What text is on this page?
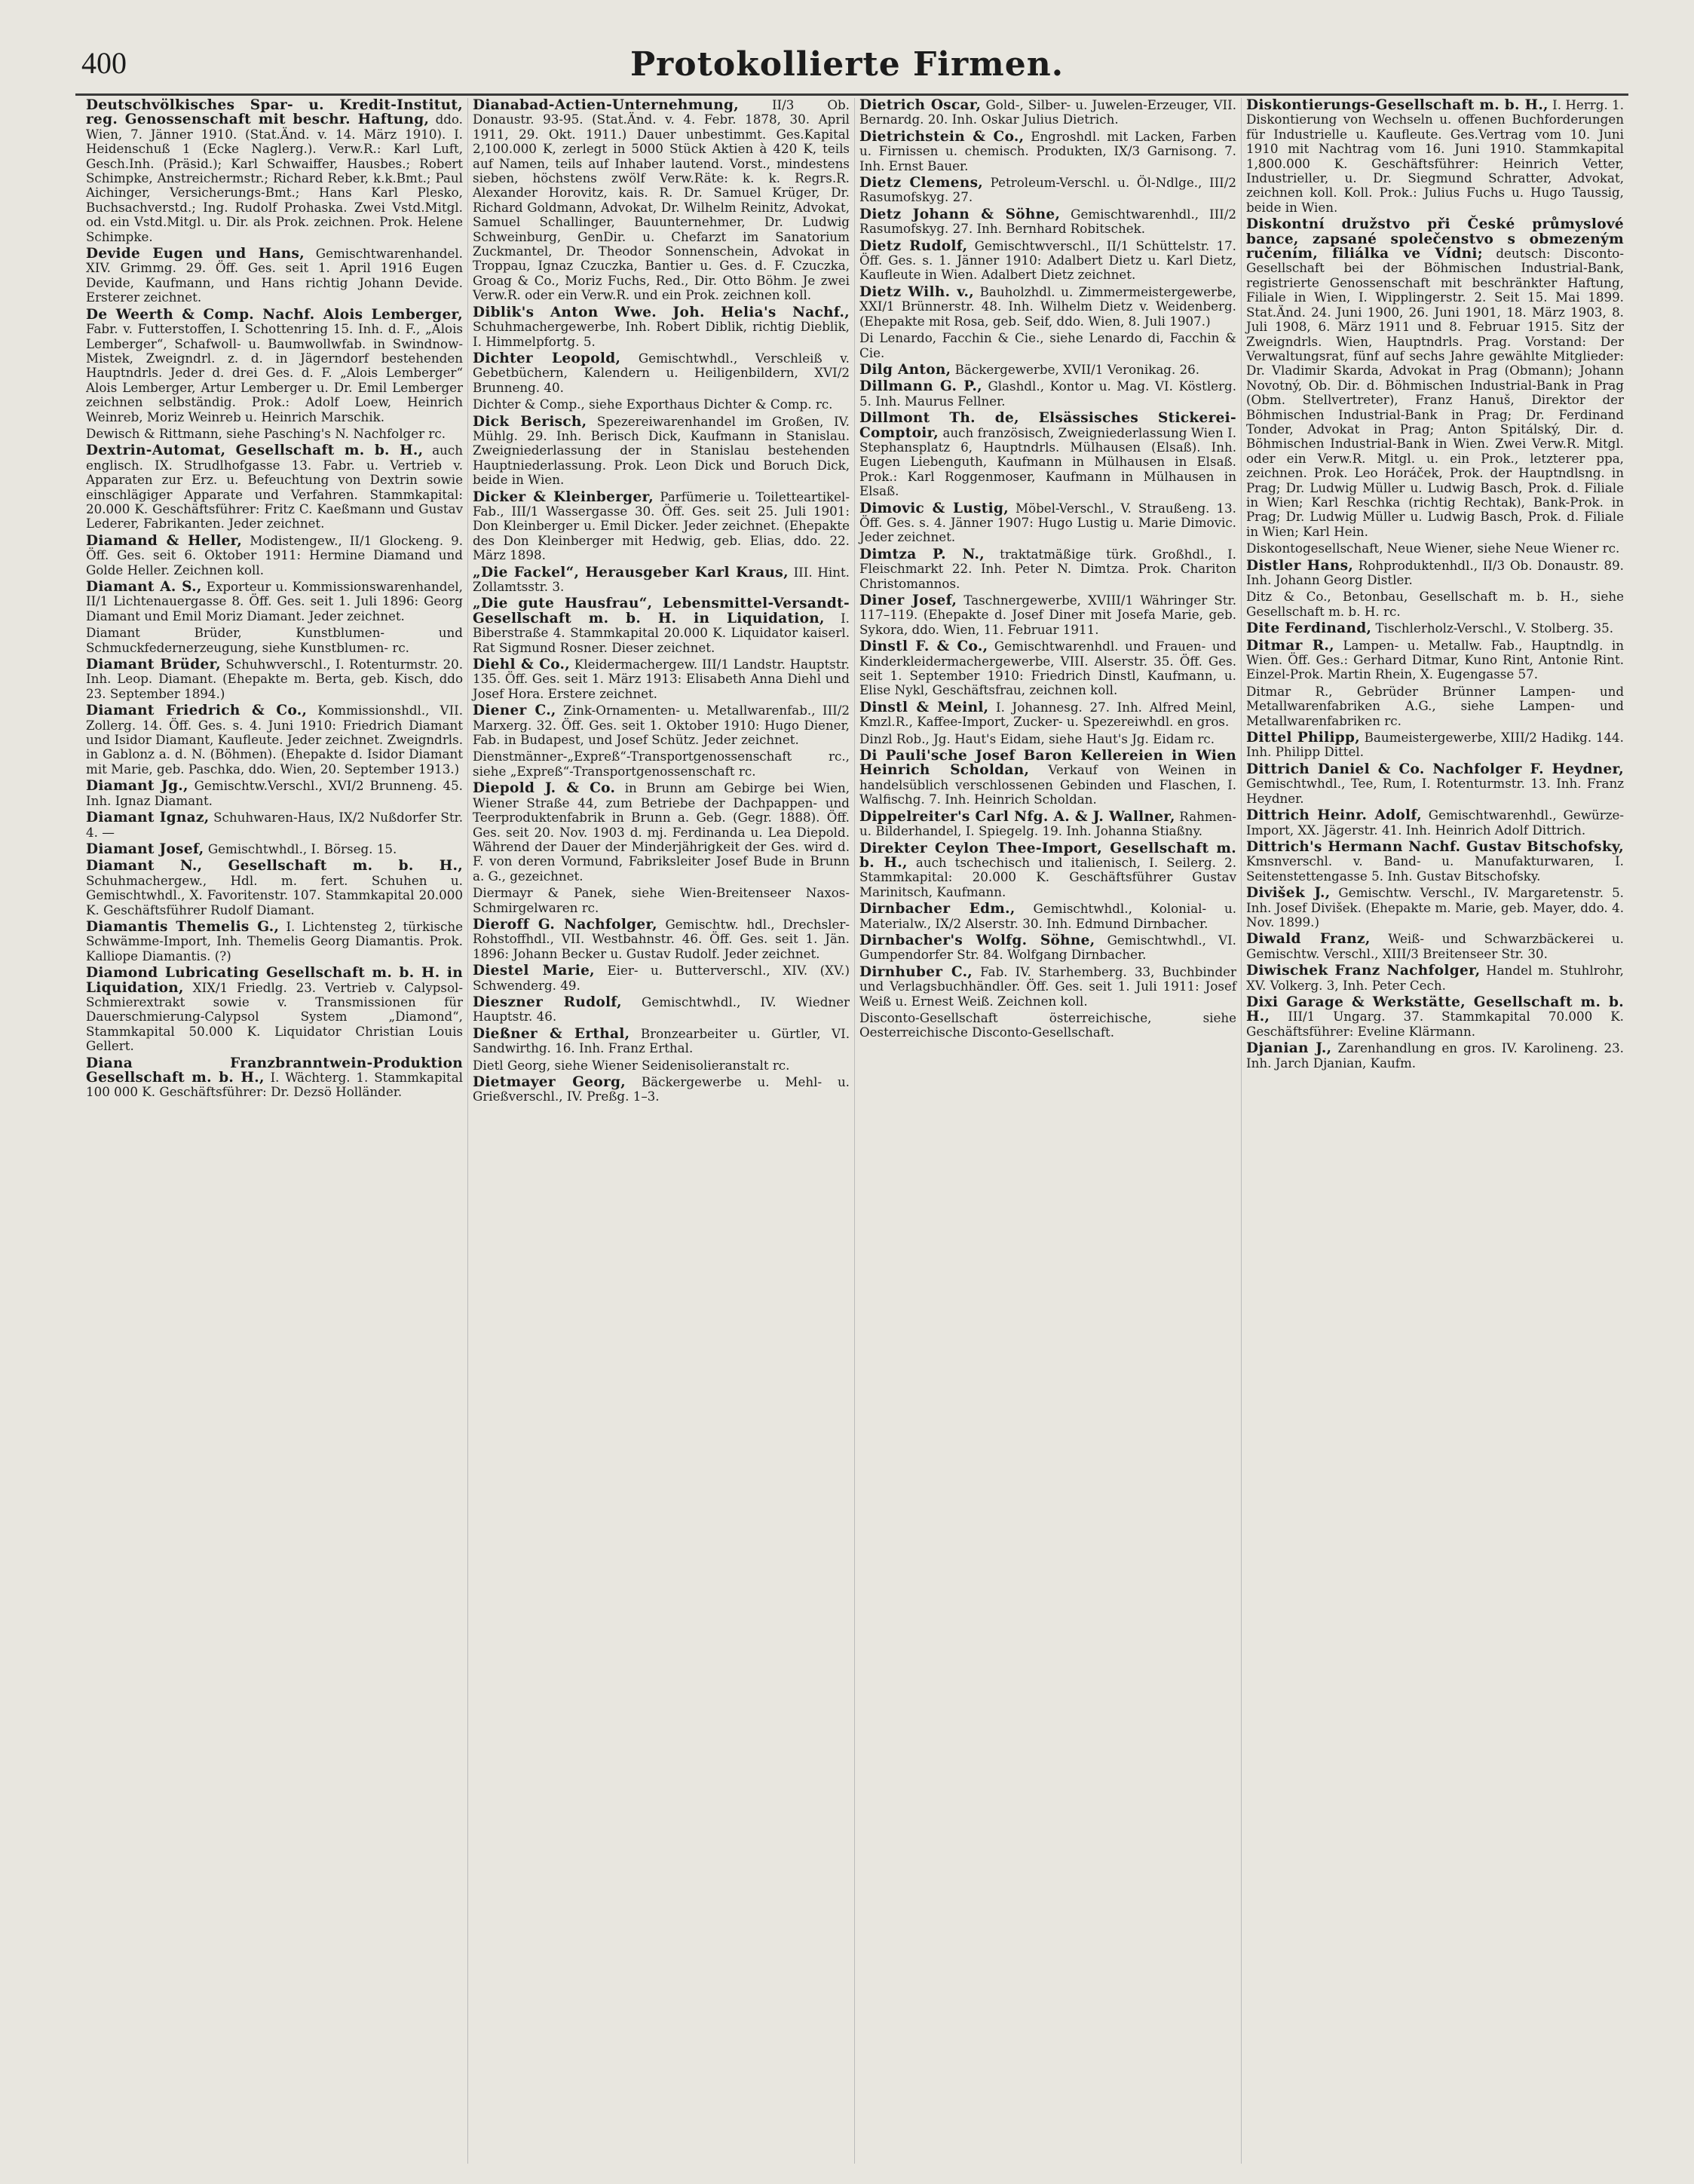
400	Protokollierte Firmen.
Deutschvölkisches Spar- u. Kredit-Institut, reg. Genossenschaft mit beschr. Haftung, ddo. Wien, 7. Jänner 1910. (Stat.Änd. v. 14. März 1910). I. Heidenschuß 1 (Ecke Naglerg.). Verw.R.: Karl Luft, Gesch.Inh. (Präsid.); Karl Schwaiffer, Hausbes.; Robert Schimpke, Anstreichermstr.; Richard Reber, k.k.Bmt.; Paul Aichinger, Versicherungs-Bmt.; Hans Karl Plesko, Buchsachverstd.; Ing. Rudolf Prohaska. Zwei Vstd.Mitgl. od. ein Vstd.Mitgl. u. Dir. als Prok. zeichnen. Prok. Helene Schimpke.
Devide Eugen und Hans, Gemischtwarenhandel. XIV. Grimmg. 29. Öff. Ges. seit 1. April 1916 Eugen Devide, Kaufmann, und Hans richtig Johann Devide. Ersterer zeichnet.
De Weerth & Comp. Nachf. Alois Lemberger, Fabr. v. Futterstoffen, I. Schottenring 15. Inh. d. F., „Alois Lemberger“, Schafwoll- u. Baumwollwfab. in Swindnow-Mistek, Zweigndrl. z. d. in Jägerndorf bestehenden Hauptndrls. Jeder d. drei Ges. d. F. „Alois Lemberger“ Alois Lemberger, Artur Lemberger u. Dr. Emil Lemberger zeichnen selbständig. Prok.: Adolf Loew, Heinrich Weinreb, Moriz Weinreb u. Heinrich Marschik.
Dewisch & Rittmann, siehe Pasching's N. Nachfolger rc.
Dextrin-Automat, Gesellschaft m. b. H., auch englisch. IX. Strudlhofgasse 13. Fabr. u. Vertrieb v. Apparaten zur Erz. u. Befeuchtung von Dextrin sowie einschlägiger Apparate und Verfahren. Stammkapital: 20.000 K. Geschäftsführer: Fritz C. Kaeßmann und Gustav Lederer, Fabrikanten. Jeder zeichnet.
Diamand & Heller, Modistengew., II/1 Glockeng. 9. Öff. Ges. seit 6. Oktober 1911: Hermine Diamand und Golde Heller. Zeichnen koll.
Diamant A. S., Exporteur u. Kommissionswarenhandel, II/1 Lichtenauergasse 8. Öff. Ges. seit 1. Juli 1896: Georg Diamant und Emil Moriz Diamant. Jeder zeichnet.
Diamant Brüder, Kunstblumen- und Schmuckfedernerzeugung, siehe Kunstblumen- rc.
Diamant Brüder, Schuhwverschl., I. Rotenturmstr. 20. Inh. Leop. Diamant. (Ehepakte m. Berta, geb. Kisch, ddo 23. September 1894.)
Diamant Friedrich & Co., Kommissionshdl., VII. Zollerg. 14. Öff. Ges. s. 4. Juni 1910: Friedrich Diamant und Isidor Diamant, Kaufleute. Jeder zeichnet. Zweigndrls. in Gablonz a. d. N. (Böhmen). (Ehepakte d. Isidor Diamant mit Marie, geb. Paschka, ddo. Wien, 20. September 1913.)
Diamant Jg., Gemischtw.Verschl., XVI/2 Brunneng. 45. Inh. Ignaz Diamant.
Diamant Ignaz, Schuhwaren-Haus, IX/2 Nußdorfer Str. 4. —
Diamant Josef, Gemischtwhdl., I. Börseg. 15.
Diamant N., Gesellschaft m. b. H., Schuhmachergew., Hdl. m. fert. Schuhen u. Gemischtwhdl., X. Favoritenstr. 107. Stammkapital 20.000 K. Geschäftsführer Rudolf Diamant.
Diamantis Themelis G., I. Lichtensteg 2, türkische Schwämme-Import, Inh. Themelis Georg Diamantis. Prok. Kalliope Diamantis. (?)
Diamond Lubricating Gesellschaft m. b. H. in Liquidation, XIX/1 Friedlg. 23. Vertrieb v. Calypsol-Schmierextrakt sowie v. Transmissionen für Dauerschmierung-Calypsol System „Diamond“, Stammkapital 50.000 K. Liquidator Christian Louis Gellert.
Diana Franzbranntwein-Produktion Gesellschaft m. b. H., I. Wächterg. 1. Stammkapital 100 000 K. Geschäftsführer: Dr. Dezsö Holländer.
Dianabad-Actien-Unternehmung,	II/3 Ob. Donaustr. 93-95. (Stat.Änd. v. 4. Febr. 1878, 30. April 1911, 29. Okt. 1911.) Dauer unbestimmt. Ges.Kapital 2,100.000 K, zerlegt in 5000 Stück Aktien à 420 K, teils auf Namen, teils auf Inhaber lautend. Vorst., mindestens sieben, höchstens zwölf Verw.Räte: k. k. Regrs.R. Alexander Horovitz, kais. R. Dr. Samuel Krüger, Dr. Richard Goldmann, Advokat, Dr. Wilhelm Reinitz, Advokat, Samuel Schallinger, Bauunternehmer, Dr. Ludwig Schweinburg, GenDir. u. Chefarzt im Sanatorium Zuckmantel, Dr. Theodor Sonnenschein, Advokat in Troppau, Ignaz Czuczka, Bantier u. Ges. d. F. Czuczka, Groag & Co., Moriz Fuchs, Red., Dir. Otto Böhm. Je zwei Verw.R. oder ein Verw.R. und ein Prok. zeichnen koll.
Diblik's Anton Wwe. Joh. Helia's Nachf., Schuhmachergewerbe, Inh. Robert Diblik, richtig Dieblik, I. Himmelpfortg. 5.
Dichter Leopold, Gemischtwhdl., Verschleiß v. Gebetbüchern, Kalendern u. Heiligenbildern, XVI/2 Brunneng. 40.
Dichter & Comp., siehe Exporthaus Dichter & Comp. rc.
Dick Berisch, Spezereiwarenhandel im Großen, IV. Mühlg. 29. Inh. Berisch Dick, Kaufmann in Stanislau. Zweigniederlassung der in Stanislau bestehenden Hauptniederlassung. Prok. Leon Dick und Boruch Dick, beide in Wien.
Dicker & Kleinberger, Parfümerie u. Toiletteartikel-Fab., III/1 Wassergasse 30. Öff. Ges. seit 25. Juli 1901: Don Kleinberger u. Emil Dicker. Jeder zeichnet. (Ehepakte des Don Kleinberger mit Hedwig, geb. Elias, ddo. 22. März 1898.
„Die Fackel“, Herausgeber Karl Kraus, III. Hint. Zollamtsstr. 3.
„Die gute Hausfrau“, Lebensmittel-Versandt-Gesellschaft m. b. H. in Liquidation, I. Biberstraße 4. Stammkapital 20.000 K. Liquidator kaiserl. Rat Sigmund Rosner. Dieser zeichnet.
Diehl & Co., Kleidermachergew. III/1 Landstr. Hauptstr. 135. Öff. Ges. seit 1. März 1913: Elisabeth Anna Diehl und Josef Hora. Erstere zeichnet.
Diener C., Zink-Ornamenten- u. Metallwarenfab., III/2 Marxerg. 32. Öff. Ges. seit 1. Oktober 1910: Hugo Diener, Fab. in Budapest, und Josef Schütz. Jeder zeichnet.
Dienstmänner-„Expreß“-Transportgenossenschaft rc., siehe „Expreß“-Transportgenossenschaft rc.
Diepold J. & Co. in Brunn am Gebirge bei Wien, Wiener Straße 44, zum Betriebe der Dachpappen- und Teerproduktenfabrik in Brunn a. Geb. (Gegr. 1888). Öff. Ges. seit 20. Nov. 1903 d. mj. Ferdinanda u. Lea Diepold. Während der Dauer der Minderjährigkeit der Ges. wird d. F. von deren Vormund, Fabriksleiter Josef Bude in Brunn a. G., gezeichnet.
Diermayr & Panek, siehe Wien-Breitenseer Naxos-Schmirgelwaren rc.
Dieroff G. Nachfolger, Gemischtw. hdl., Drechsler-Rohstoffhdl., VII. Westbahnstr. 46. Öff. Ges. seit 1. Jän. 1896: Johann Becker u. Gustav Rudolf. Jeder zeichnet.
Diestel Marie, Eier- u. Butterverschl., XIV. (XV.) Schwenderg. 49.
Dieszner Rudolf, Gemischtwhdl., IV. Wiedner Hauptstr. 46.
Dießner & Erthal, Bronzearbeiter u. Gürtler, VI. Sandwirthg. 16. Inh. Franz Erthal.
Dietl Georg, siehe Wiener Seidenisolieranstalt rc.
Dietmayer Georg, Bäckergewerbe u. Mehl- u. Grießverschl., IV. Preßg. 1–3.
Dietrich Oscar, Gold-, Silber- u. Juwelen-Erzeuger, VII. Bernardg. 20. Inh. Oskar Julius Dietrich.
Dietrichstein & Co., Engroshdl. mit Lacken, Farben u. Firnissen u. chemisch. Produkten, IX/3 Garnisong. 7. Inh. Ernst Bauer.
Dietz Clemens, Petroleum-Verschl. u. Öl-Ndlge., III/2 Rasumofskyg. 27.
Dietz Johann & Söhne, Gemischtwarenhdl., III/2 Rasumofskyg. 27. Inh. Bernhard Robitschek.
Dietz Rudolf, Gemischtwverschl., II/1 Schüttelstr. 17. Öff. Ges. s. 1. Jänner 1910: Adalbert Dietz u. Karl Dietz, Kaufleute in Wien. Adalbert Dietz zeichnet.
Dietz Wilh. v., Bauholzhdl. u. Zimmermeistergewerbe, XXI/1 Brünnerstr. 48. Inh. Wilhelm Dietz v. Weidenberg. (Ehepakte mit Rosa, geb. Seif, ddo. Wien, 8. Juli 1907.)
Di Lenardo, Facchin & Cie., siehe Lenardo di, Facchin & Cie.
Dilg Anton, Bäckergewerbe, XVII/1 Veronikag. 26.
Dillmann G. P., Glashdl., Kontor u. Mag. VI. Köstlerg. 5. Inh. Maurus Fellner.
Dillmont Th. de, Elsässisches Stickerei-Comptoir, auch französisch, Zweigniederlassung Wien I. Stephansplatz 6, Hauptndrls. Mülhausen (Elsaß). Inh. Eugen Liebenguth, Kaufmann in Mülhausen in Elsaß. Prok.: Karl Roggenmoser, Kaufmann in Mülhausen in Elsaß.
Dimovic & Lustig, Möbel-Verschl., V. Straußeng. 13. Öff. Ges. s. 4. Jänner 1907: Hugo Lustig u. Marie Dimovic. Jeder zeichnet.
Dimtza P. N., traktatmäßige türk. Großhdl., I. Fleischmarkt 22. Inh. Peter N. Dimtza. Prok. Chariton Christomannos.
Diner Josef, Taschnergewerbe, XVIII/1 Währinger Str. 117–119. (Ehepakte d. Josef Diner mit Josefa Marie, geb. Sykora, ddo. Wien, 11. Februar 1911.
Dinstl F. & Co., Gemischtwarenhdl. und Frauen- und Kinderkleidermachergewerbe, VIII. Alserstr. 35. Öff. Ges. seit 1. September 1910: Friedrich Dinstl, Kaufmann, u. Elise Nykl, Geschäftsfrau, zeichnen koll.
Dinstl & Meinl, I. Johannesg. 27. Inh. Alfred Meinl, Kmzl.R., Kaffee-Import, Zucker- u. Spezereiwhdl. en gros.
Dinzl Rob., Jg. Haut's Eidam, siehe Haut's Jg. Eidam rc.
Di Pauli'sche Josef Baron Kellereien in Wien Heinrich Scholdan, Verkauf von Weinen in handelsüblich verschlossenen Gebinden und Flaschen, I. Walfischg. 7. Inh. Heinrich Scholdan.
Dippelreiter's Carl Nfg. A. & J. Wallner, Rahmen- u. Bilderhandel, I. Spiegelg. 19. Inh. Johanna Stiaßny.
Direkter Ceylon Thee-Import, Gesellschaft m. b. H., auch tschechisch und italienisch, I. Seilerg. 2. Stammkapital: 20.000 K. Geschäftsführer Gustav Marinitsch, Kaufmann.
Dirnbacher Edm., Gemischtwhdl., Kolonial- u. Materialw., IX/2 Alserstr. 30. Inh. Edmund Dirnbacher.
Dirnbacher's Wolfg. Söhne, Gemischtwhdl., VI. Gumpendorfer Str. 84. Wolfgang Dirnbacher.
Dirnhuber C., Fab. IV. Starhemberg. 33, Buchbinder und Verlagsbuchhändler. Öff. Ges. seit 1. Juli 1911: Josef Weiß u. Ernest Weiß. Zeichnen koll.
Disconto-Gesellschaft österreichische, siehe Oesterreichische Disconto-Gesellschaft.
Diskontierungs-Gesellschaft m. b. H., I. Herrg. 1. Diskontierung von Wechseln u. offenen Buchforderungen für Industrielle u. Kaufleute. Ges.Vertrag vom 10. Juni 1910 mit Nachtrag vom 16. Juni 1910. Stammkapital 1,800.000 K. Geschäftsführer: Heinrich Vetter, Industrieller, u. Dr. Siegmund Schratter, Advokat, zeichnen koll. Koll. Prok.: Julius Fuchs u. Hugo Taussig, beide in Wien.
Diskontní družstvo při České průmyslové bance, zapsané společenstvo s obmezeným ručením, filiálka ve Vídni; deutsch: Disconto-Gesellschaft bei der Böhmischen Industrial-Bank, registrierte Genossenschaft mit beschränkter Haftung, Filiale in Wien, I. Wipplingerstr. 2. Seit 15. Mai 1899. Stat.Änd. 24. Juni 1900, 26. Juni 1901, 18. März 1903, 8. Juli 1908, 6. März 1911 und 8. Februar 1915. Sitz der Zweigndrls. Wien, Hauptndrls. Prag. Vorstand: Der Verwaltungsrat, fünf auf sechs Jahre gewählte Mitglieder: Dr. Vladimir Skarda, Advokat in Prag (Obmann); Johann Novotný, Ob. Dir. d. Böhmischen Industrial-Bank in Prag (Obm. Stellvertreter), Franz Hanuš, Direktor der Böhmischen Industrial-Bank in Prag; Dr. Ferdinand Tonder, Advokat in Prag; Anton Spitálský, Dir. d. Böhmischen Industrial-Bank in Wien. Zwei Verw.R. Mitgl. oder ein Verw.R. Mitgl. u. ein Prok., letzterer ppa, zeichnen. Prok. Leo Horáček, Prok. der Hauptndlsng. in Prag; Dr. Ludwig Müller u. Ludwig Basch, Prok. d. Filiale in Wien; Karl Reschka (richtig Rechtak), Bank-Prok. in Prag; Dr. Ludwig Müller u. Ludwig Basch, Prok. d. Filiale in Wien; Karl Hein.
Diskontogesellschaft, Neue Wiener, siehe Neue Wiener rc.
Distler Hans, Rohproduktenhdl., II/3 Ob. Donaustr. 89. Inh. Johann Georg Distler.
Ditz & Co., Betonbau, Gesellschaft m. b. H., siehe Gesellschaft m. b. H. rc.
Dite Ferdinand, Tischlerholz-Verschl., V. Stolberg. 35.
Ditmar R., Lampen- u. Metallw. Fab., Hauptndlg. in Wien. Öff. Ges.: Gerhard Ditmar, Kuno Rint, Antonie Rint. Einzel-Prok. Martin Rhein, X. Eugengasse 57.
Ditmar R., Gebrüder Brünner Lampen- und Metallwarenfabriken A.G., siehe Lampen- und Metallwarenfabriken rc.
Dittel Philipp, Baumeistergewerbe, XIII/2 Hadikg. 144. Inh. Philipp Dittel.
Dittrich Daniel & Co. Nachfolger F. Heydner, Gemischtwhdl., Tee, Rum, I. Rotenturmstr. 13. Inh. Franz Heydner.
Dittrich Heinr. Adolf, Gemischtwarenhdl., Gewürze-Import, XX. Jägerstr. 41. Inh. Heinrich Adolf Dittrich.
Dittrich's Hermann Nachf. Gustav Bitschofsky, Kmsnverschl. v. Band- u. Manufakturwaren, I. Seitenstettengasse 5. Inh. Gustav Bitschofsky.
Divišek J., Gemischtw. Verschl., IV. Margaretenstr. 5. Inh. Josef Divišek. (Ehepakte m. Marie, geb. Mayer, ddo. 4. Nov. 1899.)
Diwald Franz, Weiß- und Schwarzbäckerei u. Gemischtw. Verschl., XIII/3 Breitenseer Str. 30.
Diwischek Franz Nachfolger, Handel m. Stuhlrohr, XV. Volkerg. 3, Inh. Peter Cech.
Dixi Garage & Werkstätte, Gesellschaft m. b. H., III/1 Ungarg. 37. Stammkapital 70.000 K. Geschäftsführer: Eveline Klärmann.
Djanian J., Zarenhandlung en gros. IV. Karolineng. 23. Inh. Jarch Djanian, Kaufm.
